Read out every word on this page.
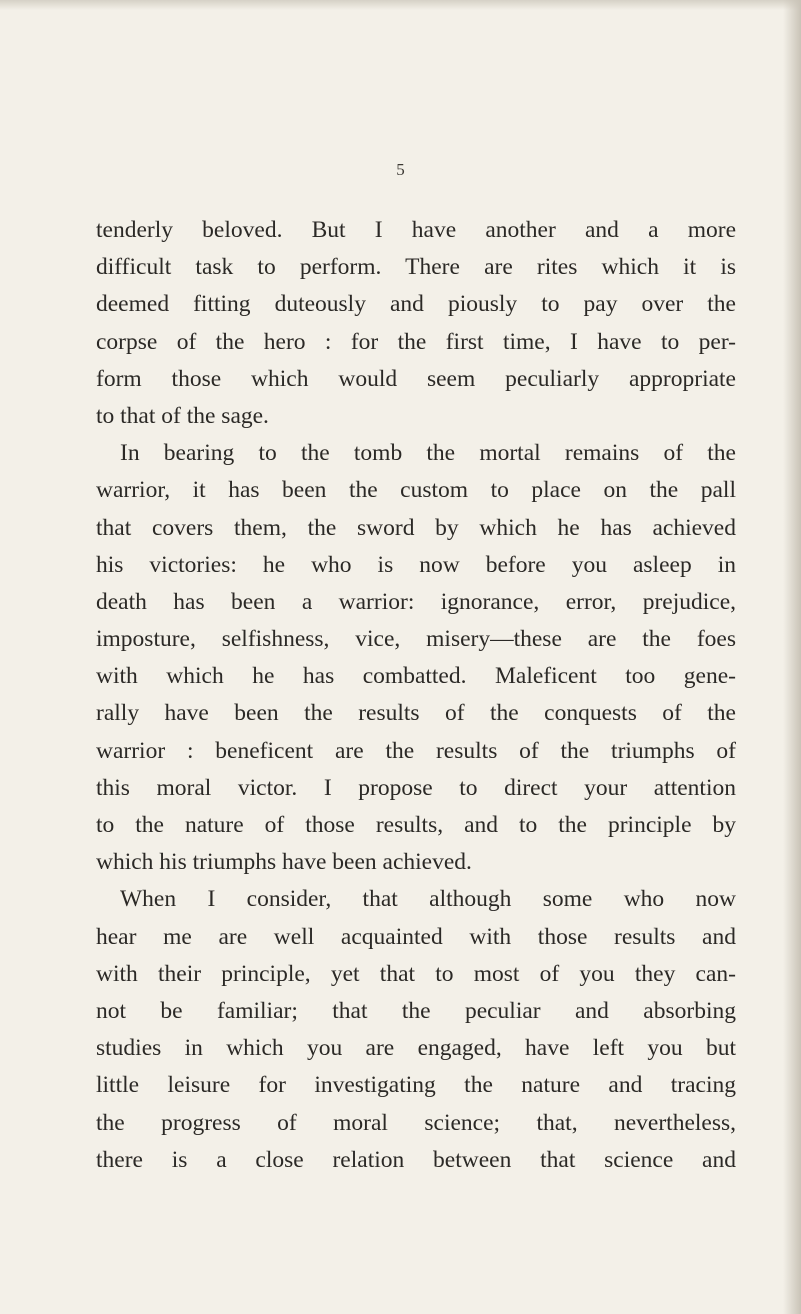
5
tenderly beloved. But I have another and a more
difficult task to perform. There are rites which it is
deemed fitting duteously and piously to pay over the
corpse of the hero : for the first time, I have to per-
form those which would seem peculiarly appropriate
to that of the sage.
In bearing to the tomb the mortal remains of the
warrior, it has been the custom to place on the pall
that covers them, the sword by which he has achieved
his victories: he who is now before you asleep in
death has been a warrior: ignorance, error, prejudice,
imposture, selfishness, vice, misery—these are the foes
with which he has combatted. Maleficent too gene-
rally have been the results of the conquests of the
warrior : beneficent are the results of the triumphs of
this moral victor. I propose to direct your attention
to the nature of those results, and to the principle by
which his triumphs have been achieved.
When I consider, that although some who now
hear me are well acquainted with those results and
with their principle, yet that to most of you they can-
not be familiar; that the peculiar and absorbing
studies in which you are engaged, have left you but
little leisure for investigating the nature and tracing
the progress of moral science; that, nevertheless,
there is a close relation between that science and
